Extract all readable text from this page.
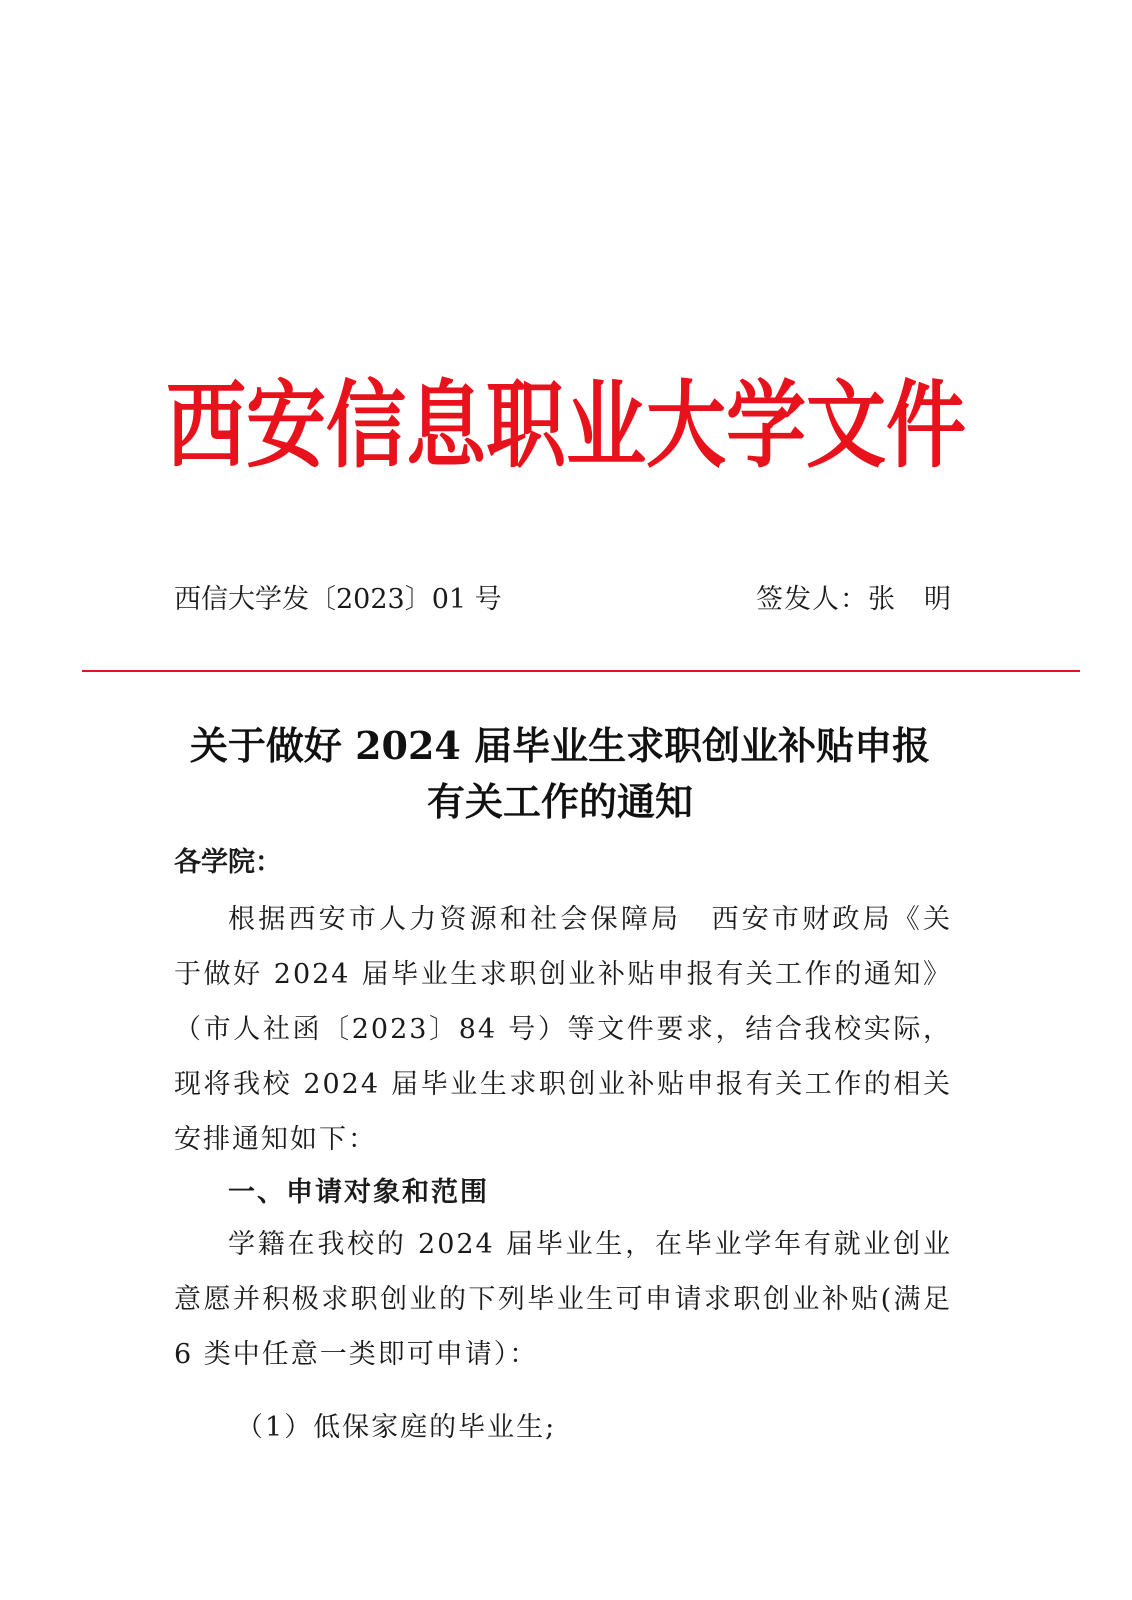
西安信息职业大学文件
西信大学发〔2023〕01 号	签发人：张　明
关于做好 2024 届毕业生求职创业补贴申报
有关工作的通知
各学院：
根据西安市人力资源和社会保障局　西安市财政局《关于做好 2024 届毕业生求职创业补贴申报有关工作的通知》（市人社函〔2023〕84 号）等文件要求，结合我校实际，现将我校 2024 届毕业生求职创业补贴申报有关工作的相关安排通知如下：
一、申请对象和范围
学籍在我校的 2024 届毕业生，在毕业学年有就业创业意愿并积极求职创业的下列毕业生可申请求职创业补贴(满足 6 类中任意一类即可申请）：
（1）低保家庭的毕业生;
